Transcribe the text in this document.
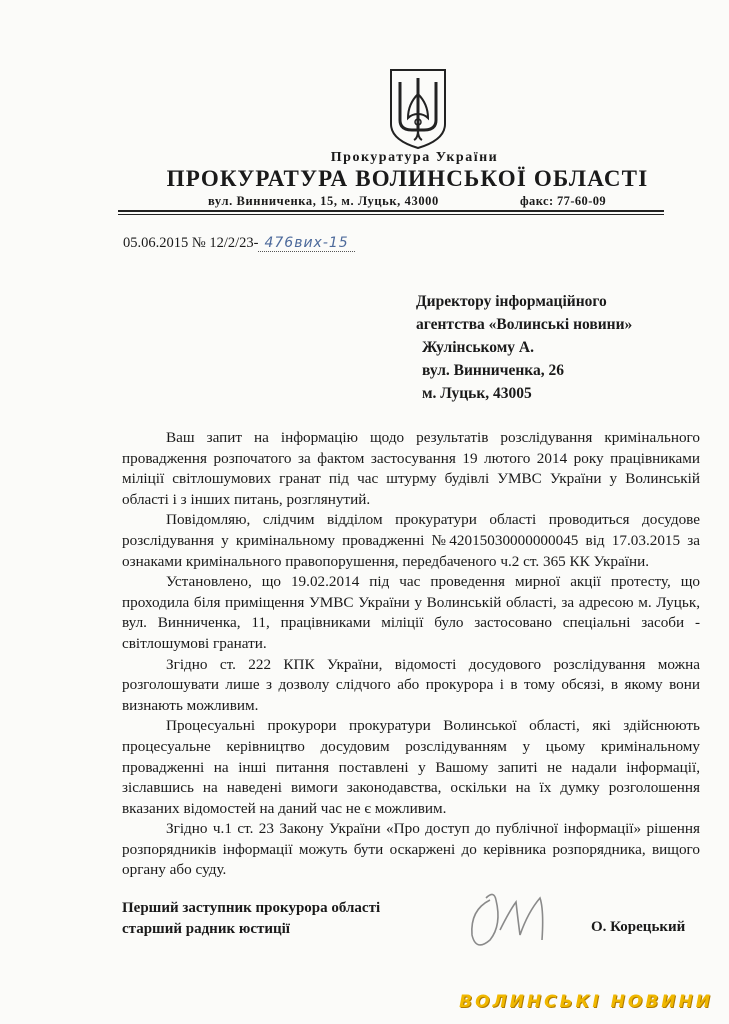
Прокуратура України
ПРОКУРАТУРА ВОЛИНСЬКОЇ ОБЛАСТІ
вул. Винниченка, 15, м. Луцьк, 43000	факс: 77-60-09
05.06.2015 № 12/2/23- 476вих-15
Директору інформаційного
агентства «Волинські новини»
Жулінському А.
вул. Винниченка, 26
м. Луцьк, 43005

Ваш запит на інформацію щодо результатів розслідування кримінального провадження розпочатого за фактом застосування 19 лютого 2014 року працівниками міліції світлошумових гранат під час штурму будівлі УМВС України у Волинській області і з інших питань, розглянутий.

Повідомляю, слідчим відділом прокуратури області проводиться досудове розслідування у кримінальному провадженні №42015030000000045 від 17.03.2015 за ознаками кримінального правопорушення, передбаченого ч.2 ст. 365 КК України.

Установлено, що 19.02.2014 під час проведення мирної акції протесту, що проходила біля приміщення УМВС України у Волинській області, за адресою м. Луцьк, вул. Винниченка, 11, працівниками міліції було застосовано спеціальні засоби - світлошумові гранати.

Згідно ст. 222 КПК України, відомості досудового розслідування можна розголошувати лише з дозволу слідчого або прокурора і в тому обсязі, в якому вони визнають можливим.

Процесуальні прокурори прокуратури Волинської області, які здійснюють процесуальне керівництво досудовим розслідуванням у цьому кримінальному провадженні на інші питання поставлені у Вашому запиті не надали інформації, зіславшись на наведені вимоги законодавства, оскільки на їх думку розголошення вказаних відомостей на даний час не є можливим.

Згідно ч.1 ст. 23 Закону України «Про доступ до публічної інформації» рішення розпорядників інформації можуть бути оскаржені до керівника розпорядника, вищого органу або суду.

Перший заступник прокурора області
старший радник юстиції	О. Корецький
ВОЛИНСЬКІ НОВИНИ
